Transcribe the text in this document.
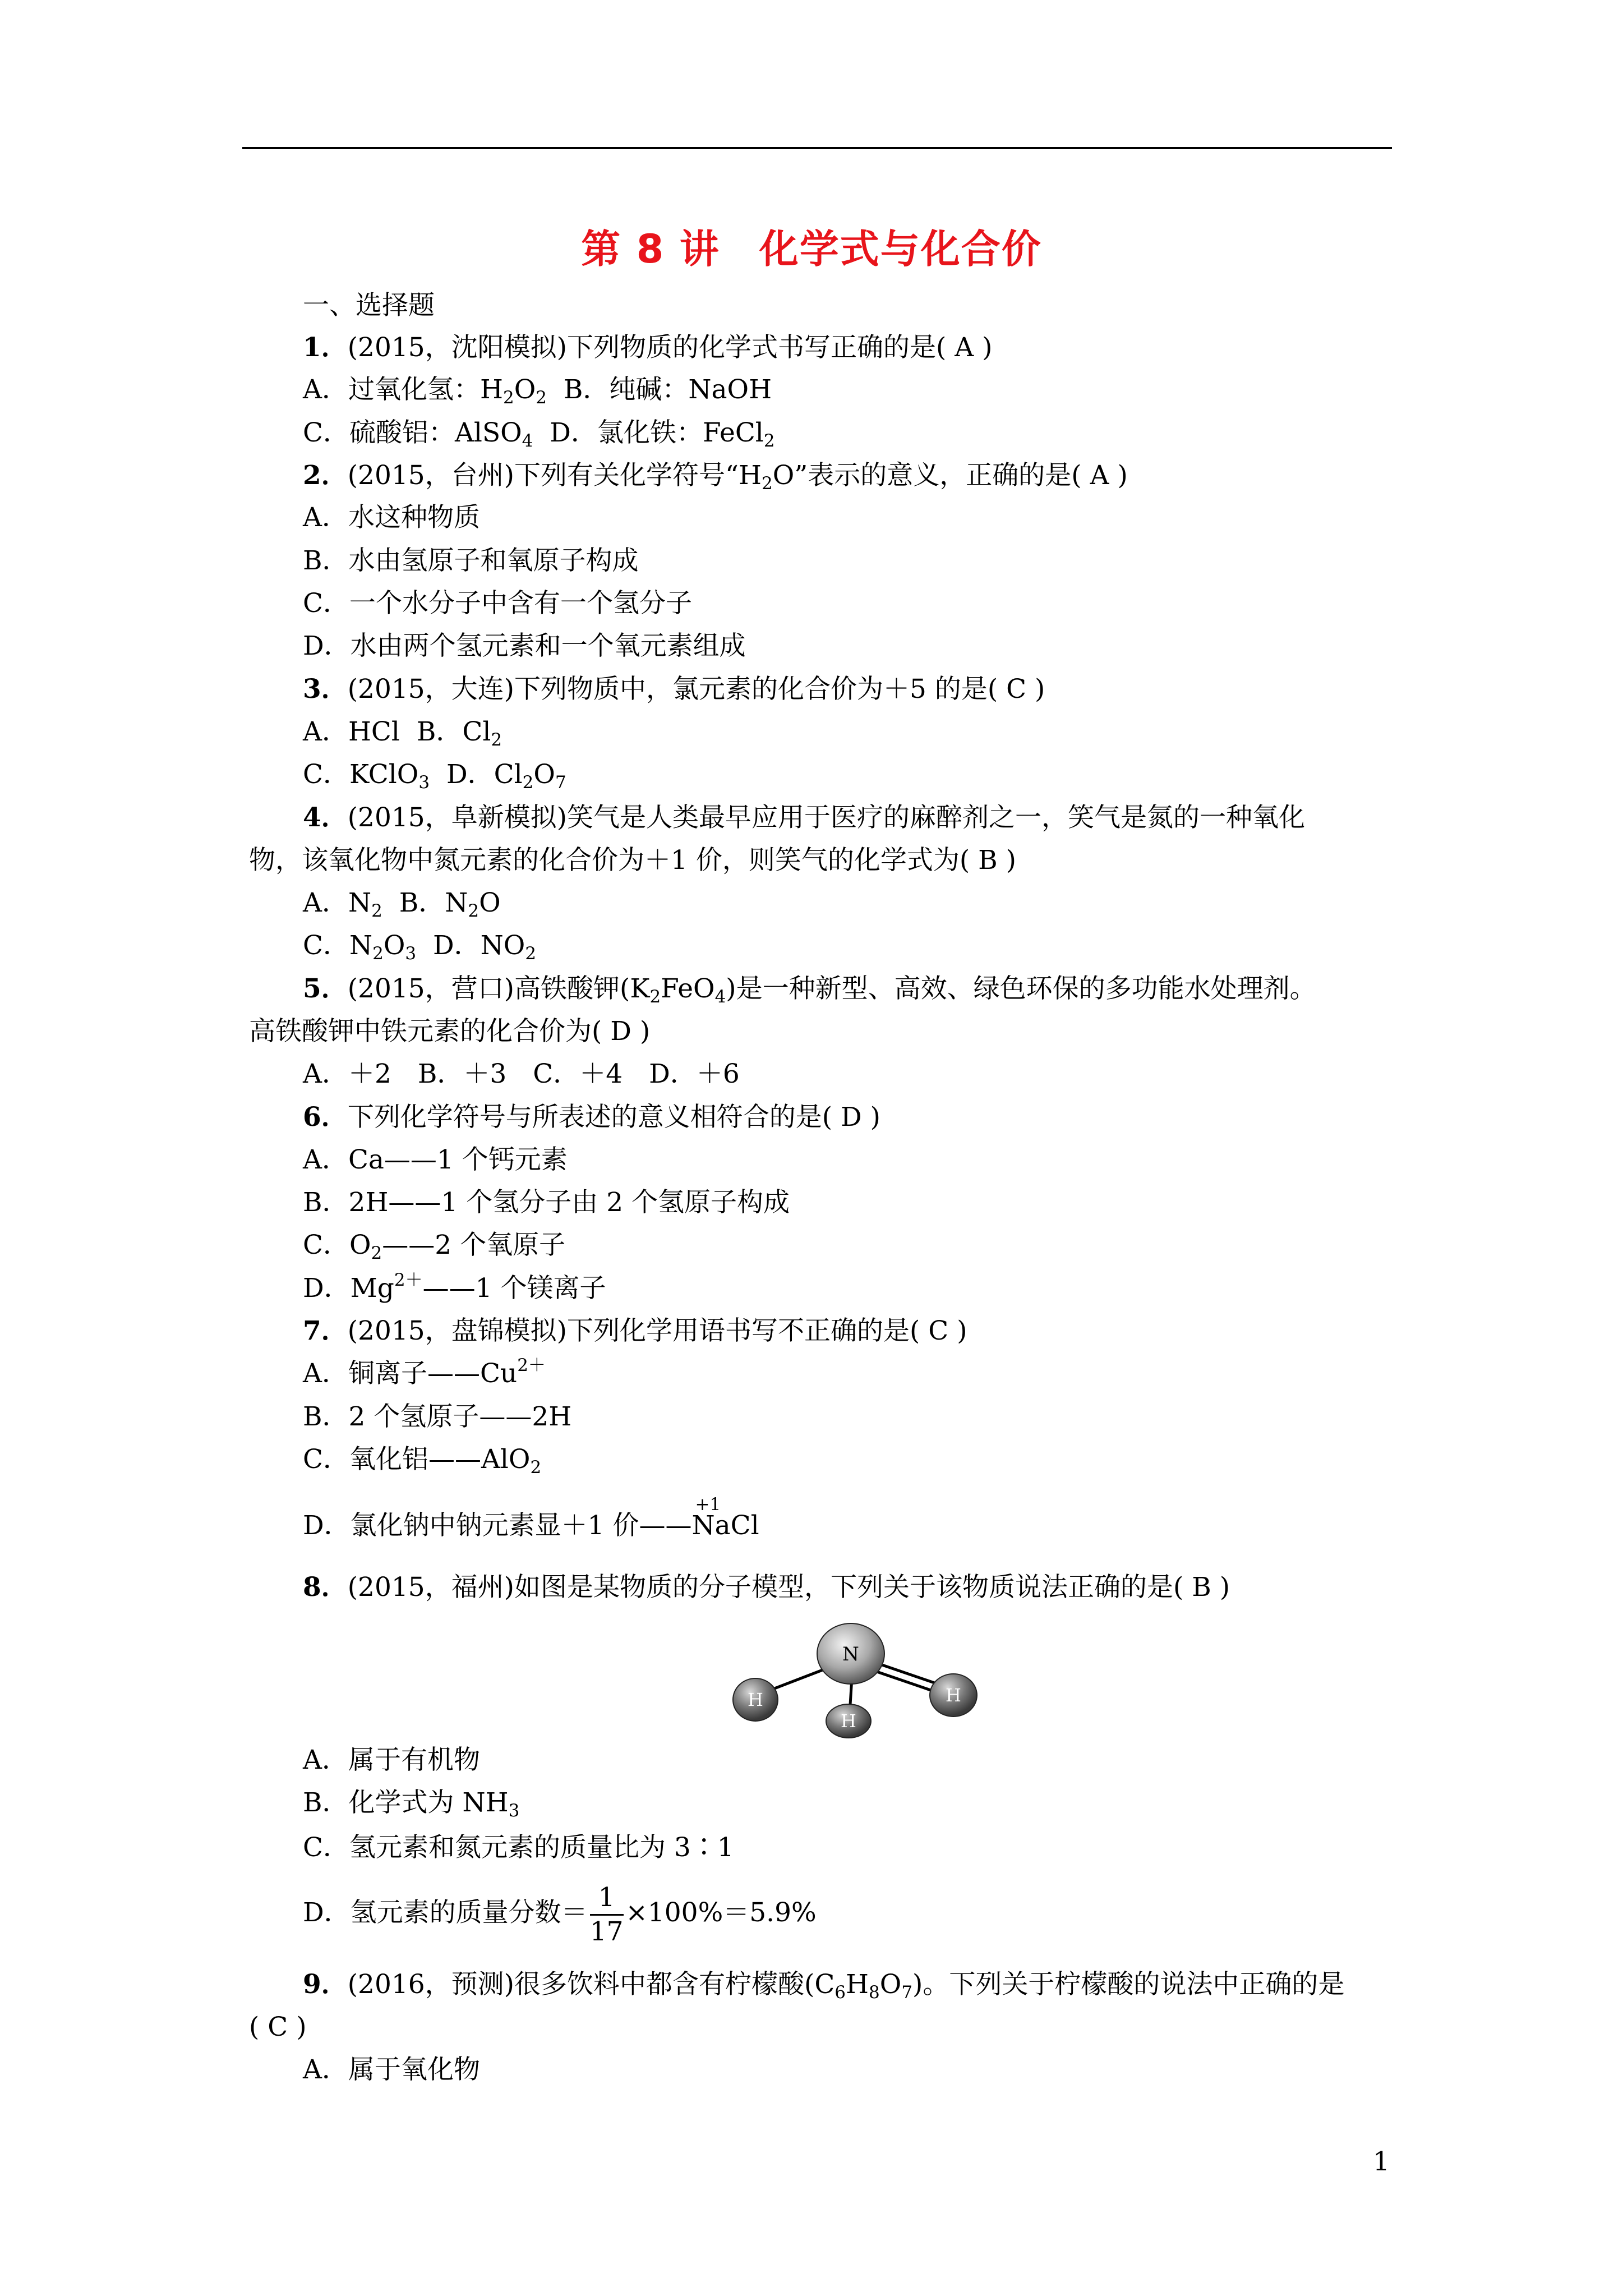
第 8 讲 化学式与化合价
一、选择题
1．(2015，沈阳模拟)下列物质的化学式书写正确的是( A )
A．过氧化氢：$H_2O_2$ B．纯碱：NaOH
C．硫酸铝：AlSO$_4$ D．氯化铁：FeCl$_2$
2．(2015，台州)下列有关化学符号“$H_2O$”表示的意义，正确的是( A )
A．水这种物质
B．水由氢原子和氧原子构成
C．一个水分子中含有一个氢分子
D．水由两个氢元素和一个氧元素组成
3．(2015，大连)下列物质中，氯元素的化合价为＋5 的是( C )
A．HCl B．$Cl_2$
C．KClO$_3$ D．$Cl_2O_7$
4．(2015，阜新模拟)笑气是人类最早应用于医疗的麻醉剂之一，笑气是氮的一种氧化
物，该氧化物中氮元素的化合价为＋1 价，则笑气的化学式为( B )
A．$N_2$ B．$N_2O$
C．$N_2O_3$ D．$NO_2$
5．(2015，营口)高铁酸钾$(K_2FeO_4)$是一种新型、高效、绿色环保的多功能水处理剂。
高铁酸钾中铁元素的化合价为( D )
A．＋2　B．＋3　C．＋4　D．＋6
6．下列化学符号与所表述的意义相符合的是( D )
A．Ca——1 个钙元素
B．2H——1 个氢分子由 2 个氢原子构成
C．$O_2——2$ 个氧原子
D．$Mg^{2+}——1$ 个镁离子
7．(2015，盘锦模拟)下列化学用语书写不正确的是( C )
A．铜离子$——Cu^{2+}$
B．2 个氢原子——2H
C．氧化铝——AlO$_2$
D．氯化钠中钠元素显＋1 价——
+1
NaCl
8．(2015，福州)如图是某物质的分子模型，下列关于该物质说法正确的是( B )
N
H
H
H
A．属于有机物
B．化学式为 $NH_3$
C．氢元素和氮元素的质量比为 3∶1
D．氢元素的质量分数＝ $\frac{1}{17} \times 100\%=5.9\%$
9．(2016，预测)很多饮料中都含有柠檬酸$(C_6H_8O_7)$。下列关于柠檬酸的说法中正确的是
( C )
A．属于氧化物
1
